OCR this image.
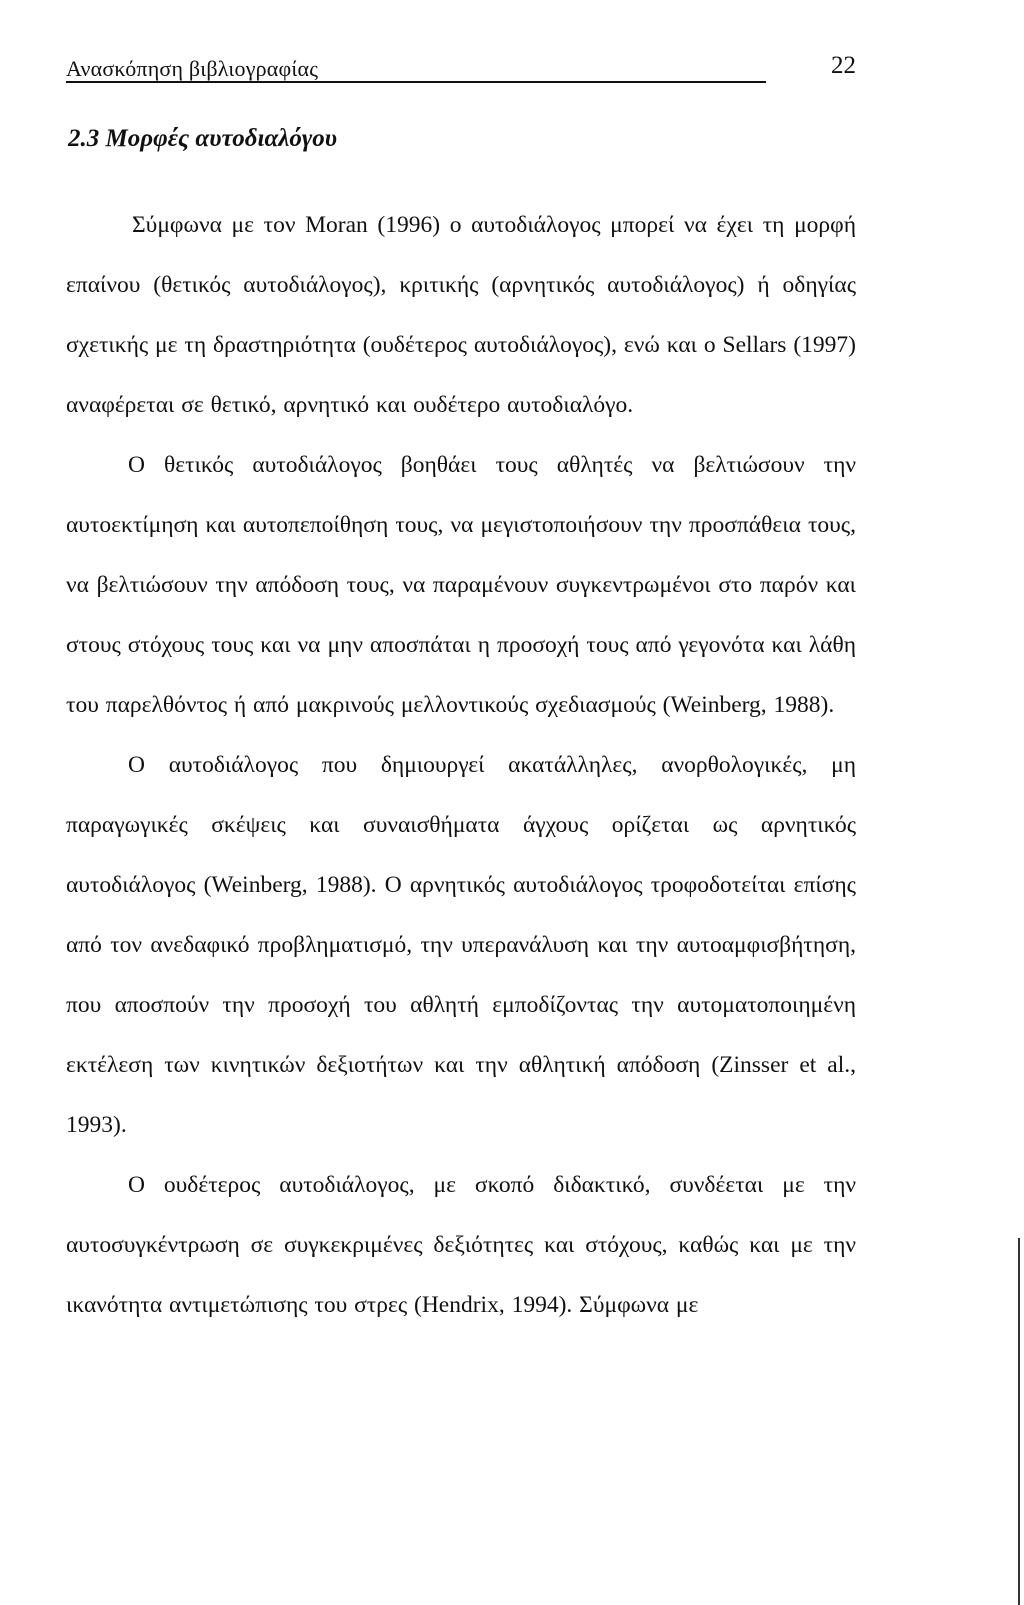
Ανασκόπηση βιβλιογραφίας	22
2.3 Μορφές αυτοδιαλόγου

Σύμφωνα με τον Moran (1996) ο αυτοδιάλογος μπορεί να έχει τη μορφή επαίνου (θετικός αυτοδιάλογος), κριτικής (αρνητικός αυτοδιάλογος) ή οδηγίας σχετικής με τη δραστηριότητα (ουδέτερος αυτοδιάλογος), ενώ και ο Sellars (1997) αναφέρεται σε θετικό, αρνητικό και ουδέτερο αυτοδιαλόγο.

Ο θετικός αυτοδιάλογος βοηθάει τους αθλητές να βελτιώσουν την αυτοεκτίμηση και αυτοπεποίθηση τους, να μεγιστοποιήσουν την προσπάθεια τους, να βελτιώσουν την απόδοση τους, να παραμένουν συγκεντρωμένοι στο παρόν και στους στόχους τους και να μην αποσπάται η προσοχή τους από γεγονότα και λάθη του παρελθόντος ή από μακρινούς μελλοντικούς σχεδιασμούς (Weinberg, 1988).

Ο αυτοδιάλογος που δημιουργεί ακατάλληλες, ανορθολογικές, μη παραγωγικές σκέψεις και συναισθήματα άγχους ορίζεται ως αρνητικός αυτοδιάλογος (Weinberg, 1988). Ο αρνητικός αυτοδιάλογος τροφοδοτείται επίσης από τον ανεδαφικό προβληματισμό, την υπερανάλυση και την αυτοαμφισβήτηση, που αποσπούν την προσοχή του αθλητή εμποδίζοντας την αυτοματοποιημένη εκτέλεση των κινητικών δεξιοτήτων και την αθλητική απόδοση (Zinsser et al., 1993).

Ο ουδέτερος αυτοδιάλογος, με σκοπό διδακτικό, συνδέεται με την αυτοσυγκέντρωση σε συγκεκριμένες δεξιότητες και στόχους, καθώς και με την ικανότητα αντιμετώπισης του στρες (Hendrix, 1994). Σύμφωνα με
